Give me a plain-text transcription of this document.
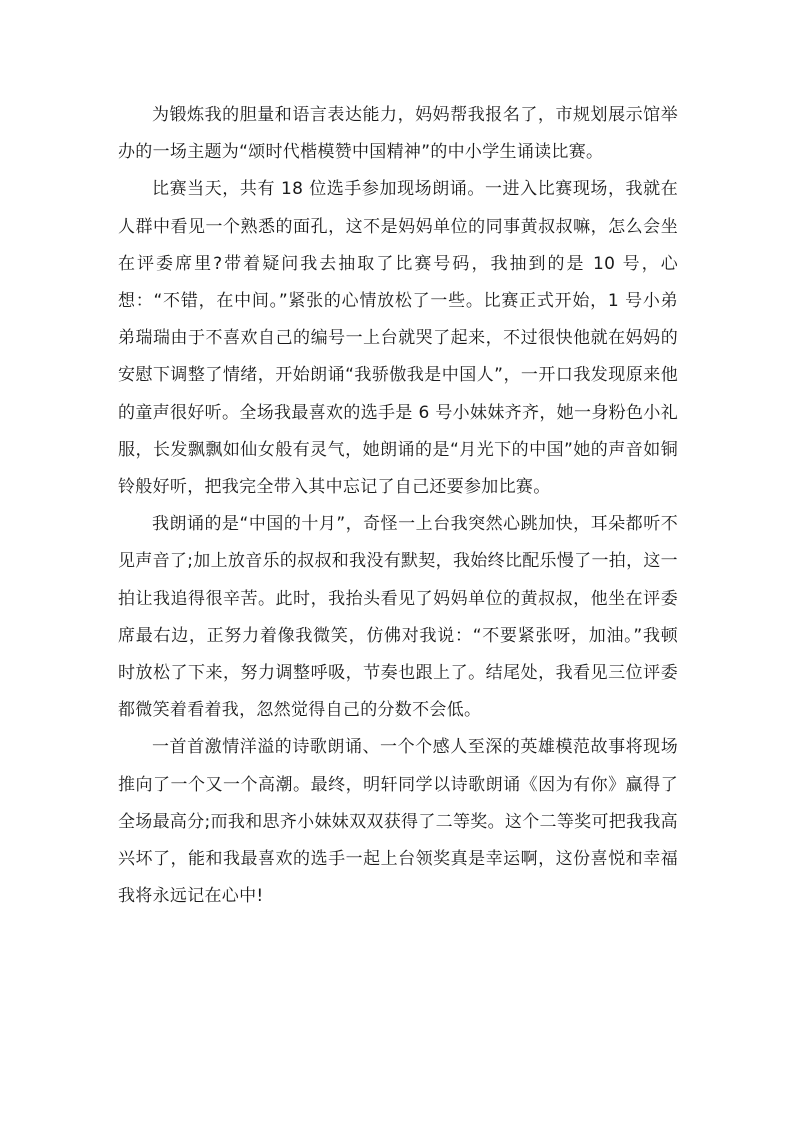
为锻炼我的胆量和语言表达能力，妈妈帮我报名了，市规划展示馆举办的一场主题为“颂时代楷模赞中国精神”的中小学生诵读比赛。

比赛当天，共有 18 位选手参加现场朗诵。一进入比赛现场，我就在人群中看见一个熟悉的面孔，这不是妈妈单位的同事黄叔叔嘛，怎么会坐在评委席里?带着疑问我去抽取了比赛号码，我抽到的是 10 号，心想：“不错，在中间。”紧张的心情放松了一些。比赛正式开始，1 号小弟弟瑞瑞由于不喜欢自己的编号一上台就哭了起来，不过很快他就在妈妈的安慰下调整了情绪，开始朗诵“我骄傲我是中国人”，一开口我发现原来他的童声很好听。全场我最喜欢的选手是 6 号小妹妹齐齐，她一身粉色小礼服，长发飘飘如仙女般有灵气，她朗诵的是“月光下的中国”她的声音如铜铃般好听，把我完全带入其中忘记了自己还要参加比赛。

我朗诵的是“中国的十月”，奇怪一上台我突然心跳加快，耳朵都听不见声音了;加上放音乐的叔叔和我没有默契，我始终比配乐慢了一拍，这一拍让我追得很辛苦。此时，我抬头看见了妈妈单位的黄叔叔，他坐在评委席最右边，正努力着像我微笑，仿佛对我说：“不要紧张呀，加油。”我顿时放松了下来，努力调整呼吸，节奏也跟上了。结尾处，我看见三位评委都微笑着看着我，忽然觉得自己的分数不会低。

一首首激情洋溢的诗歌朗诵、一个个感人至深的英雄模范故事将现场推向了一个又一个高潮。最终，明轩同学以诗歌朗诵《因为有你》赢得了全场最高分;而我和思齐小妹妹双双获得了二等奖。这个二等奖可把我我高兴坏了，能和我最喜欢的选手一起上台领奖真是幸运啊，这份喜悦和幸福我将永远记在心中!
